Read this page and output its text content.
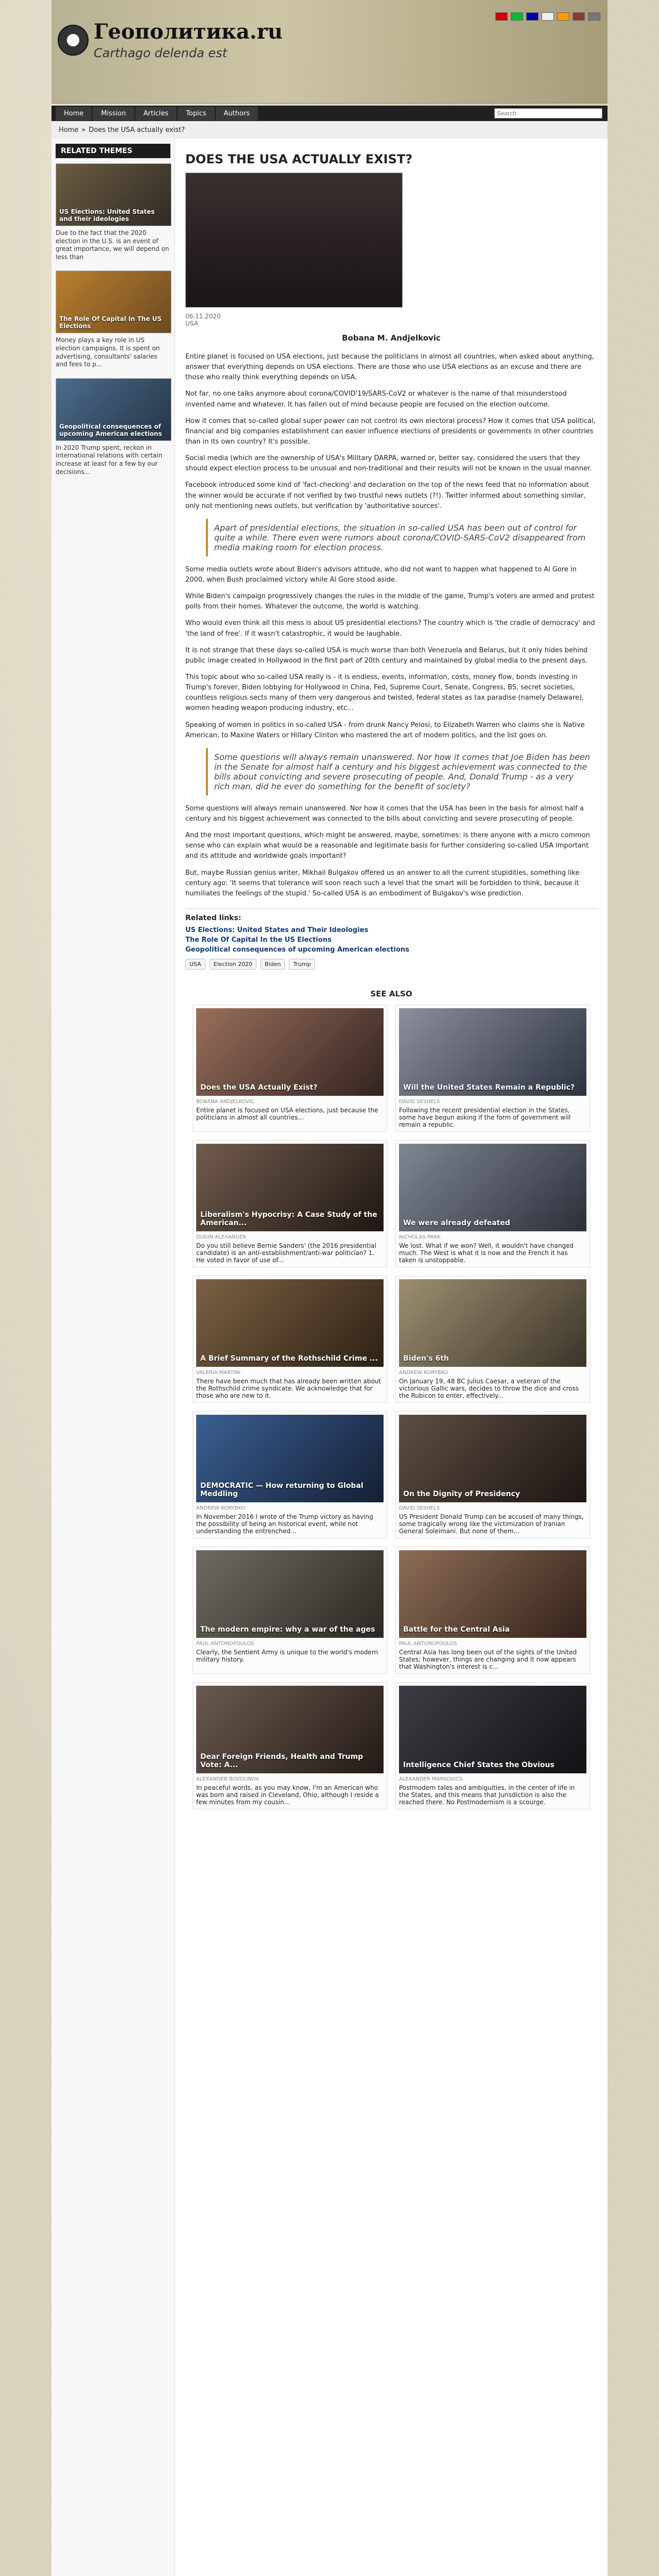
Геополитика.ru
Carthago delenda est
Home	Mission	Articles	Topics	Authors
Search
Home » Does the USA actually exist?
RELATED THEMES
US Elections: United States and their ideologies
Due to the fact that the 2020 election in the U.S. is an event of great importance, we will depend on less than
The Role Of Capital In The US Elections
Money plays a key role in US election campaigns. It is spent on advertising, consultants' salaries and fees to p...
Geopolitical consequences of upcoming American elections
In 2020 Trump spent, reckon in international relations with certain increase at least for a few by our decisions...
DOES THE USA ACTUALLY EXIST?
06.11.2020
USA
Bobana M. Andjelkovic

Entire planet is focused on USA elections, just because the politicians in almost all countries, when asked about anything, answer that everything depends on USA elections. There are those who use USA elections as an excuse and there are those who really think everything depends on USA.

Not far, no one talks anymore about corona/COVID'19/SARS-CoV2 or whatever is the name of that misunderstood invented name and whatever. It has fallen out of mind because people are focused on the election outcome.

How it comes that so-called global super power can not control its own electoral process? How it comes that USA political, financial and big companies establishment can easier influence elections of presidents or governments in other countries than in its own country? It's possible.

Social media (which are the ownership of USA's Military DARPA, warned or, better say, considered the users that they should expect election process to be unusual and non-traditional and their results will not be known in the usual manner.

Facebook introduced some kind of 'fact-checking' and declaration on the top of the news feed that no information about the winner would be accurate if not verified by two trustful news outlets (?!). Twitter informed about something similar, only not mentioning news outlets, but verification by 'authoritative sources'.

Apart of presidential elections, the situation in so-called USA has been out of control for quite a while. There even were rumors about corona/COVID-SARS-CoV2 disappeared from media making room for election process.

Some media outlets wrote about Biden's advisors attitude, who did not want to happen what happened to Al Gore in 2000, when Bush proclaimed victory while Al Gore stood aside.

While Biden's campaign progressively changes the rules in the middle of the game, Trump's voters are armed and protest polls from their homes. Whatever the outcome, the world is watching.

Who would even think all this mess is about US presidential elections? The country which is 'the cradle of democracy' and 'the land of free'. If it wasn't catastrophic, it would be laughable.

It is not strange that these days so-called USA is much worse than both Venezuela and Belarus, but it only hides behind public image created in Hollywood in the first part of 20th century and maintained by global media to the present days.

This topic about who so-called USA really is - it is endless, events, information, costs, money flow, bonds investing in Trump's forever, Biden lobbying for Hollywood in China, Fed, Supreme Court, Senate, Congress, BS, secret societies, countless religious sects many of them very dangerous and twisted, federal states as tax paradise (namely Delaware), women heading weapon producing industry, etc...

Speaking of women in politics in so-called USA - from drunk Nancy Pelosi, to Elizabeth Warren who claims she is Native American, to Maxine Waters or Hillary Clinton who mastered the art of modern politics, and the list goes on.

Some questions will always remain unanswered. Nor how it comes that Joe Biden has been in the Senate for almost half a century and his biggest achievement was connected to the bills about convicting and severe prosecuting of people. And, Donald Trump - as a very rich man, did he ever do something for the benefit of society?

Some questions will always remain unanswered. Nor how it comes that the USA has been in the basis for almost half a century and his biggest achievement was connected to the bills about convicting and severe prosecuting of people.

And the most important questions, which might be answered, maybe, sometimes: is there anyone with a micro common sense who can explain what would be a reasonable and legitimate basis for further considering so-called USA important and its attitude and worldwide goals important?

But, maybe Russian genius writer, Mikhail Bulgakov offered us an answer to all the current stupidities, something like century ago: 'It seems that tolerance will soon reach such a level that the smart will be forbidden to think, because it humiliates the feelings of the stupid.' So-called USA is an embodiment of Bulgakov's wise prediction.

Related links:
US Elections: United States and Their Ideologies
The Role Of Capital In the US Elections
Geopolitical consequences of upcoming American elections
USA	Election 2020	Biden	Trump
SEE ALSO
Does the USA Actually Exist?
BOBANA ANDJELKOVIC
Entire planet is focused on USA elections, just because the politicians in almost all countries...
Will the United States Remain a Republic?
DAVID SESHELS
Following the recent presidential election in the States, some have begun asking if the form of government will remain a republic.
Liberalism's Hypocrisy: A Case Study of the American...
DUGIN ALEXANDER
Do you still believe Bernie Sanders' (the 2016 presidential candidate) is an anti-establishment/anti-war politician? 1. He voted in favor of use of...
We were already defeated
NICHOLAS PARK
We lost. What if we won? Well, it wouldn't have changed much. The West is what it is now and the French it has taken is unstoppable.
A Brief Summary of the Rothschild Crime ...
VALERIA MARTINI
There have been much that has already been written about the Rothschild crime syndicate. We acknowledge that for those who are new to it.
Biden's 6th
ANDREW KORYBKO
On January 19, 48 BC Julius Caesar, a veteran of the victorious Gallic wars, decides to throw the dice and cross the Rubicon to enter, effectively...
DEMOCRATIC — How returning to Global Meddling
ANDREW KORYBKO
In November 2016 I wrote of the Trump victory as having the possibility of being an historical event, while not understanding the entrenched...
On the Dignity of Presidency
DAVID SESHELS
US President Donald Trump can be accused of many things, some tragically wrong like the victimization of Iranian General Soleimani. But none of them...
The modern empire: why a war of the ages
PAUL ANTONOPOULOS
Clearly, the Sentient Army is unique to the world's modern military history.
Battle for the Central Asia
PAUL ANTONOPOULOS
Central Asia has long been out of the sights of the United States; however, things are changing and it now appears that Washington's interest is c...
Dear Foreign Friends, Health and Trump Vote: A...
ALEXANDER BOVDUNOV
In peaceful words, as you may know, I'm an American who was born and raised in Cleveland, Ohio, although I reside a few minutes from my cousin...
Intelligence Chief States the Obvious
ALEXANDER MARKOVICS
Postmodern tales and ambiguities, in the center of life in the States, and this means that Jurisdiction is also the reached there. No Postmodernism is a scourge.
